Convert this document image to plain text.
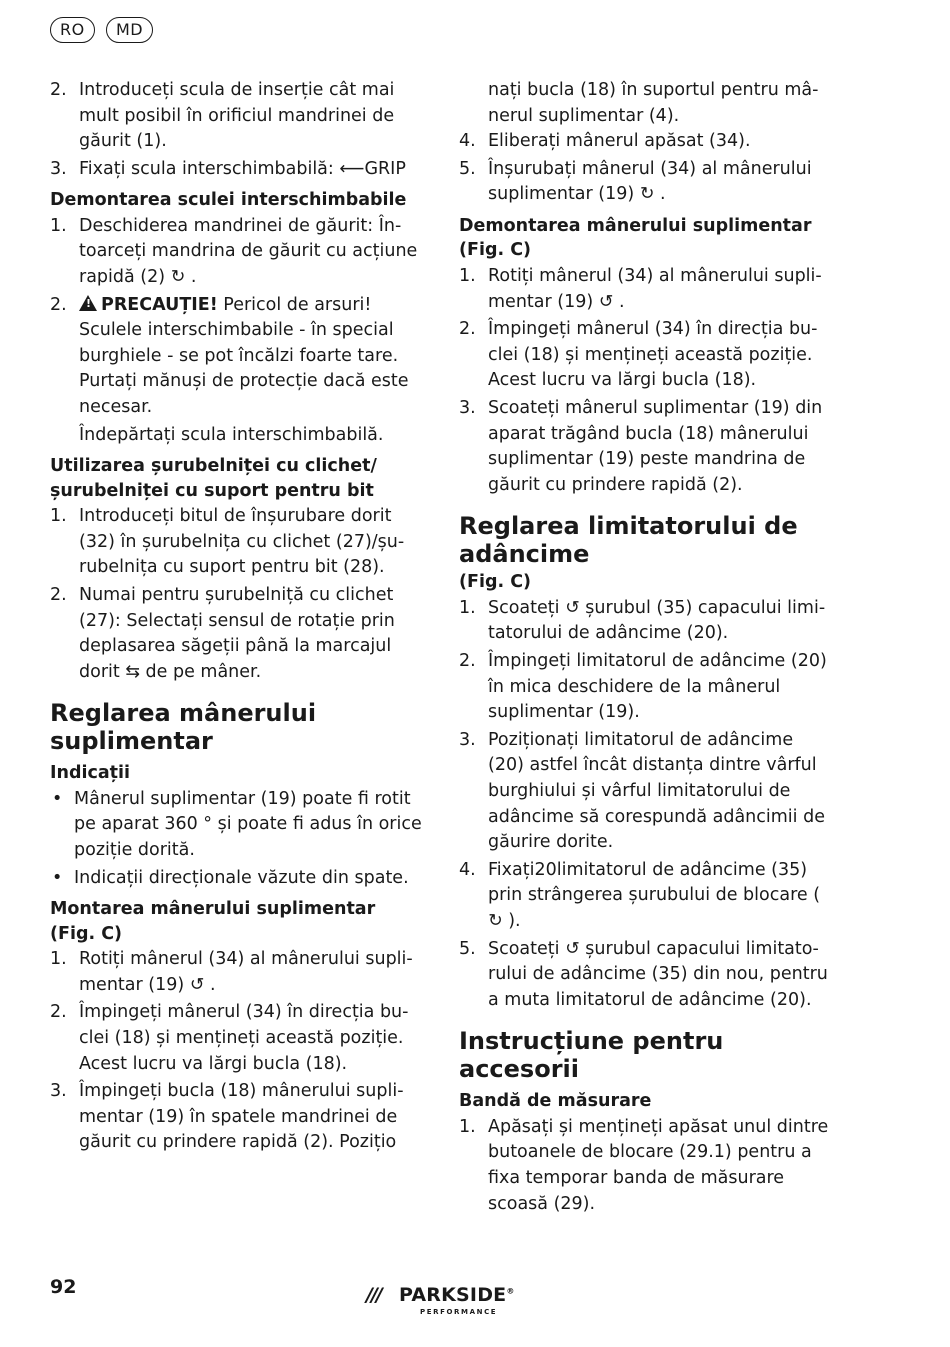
RO	MD
2. Introduceți scula de inserție cât mai mult posibil în orificiul mandrinei de găurit (1).
3. Fixați scula interschimbabilă: ⟵GRIP
Demontarea sculei interschimbabile
1. Deschiderea mandrinei de găurit: Întoarceți mandrina de găurit cu acțiune rapidă (2) ↻ .
2.
! PRECAUȚIE! Pericol de arsuri! Sculele interschimbabile - în special burghiele - se pot încălzi foarte tare. Purtați mănuși de protecție dacă este necesar.
Îndepărtați scula interschimbabilă.
Utilizarea șurubelniței cu clichet/ șurubelniței cu suport pentru bit
1. Introduceți bitul de înșurubare dorit (32) în șurubelnița cu clichet (27)/șurubelnița cu suport pentru bit (28).
2. Numai pentru șurubelniță cu clichet (27): Selectați sensul de rotație prin deplasarea săgeții până la marcajul dorit ⇆ de pe mâner.
Reglarea mânerului suplimentar
Indicații
• Mânerul suplimentar (19) poate fi rotit pe aparat 360 ° și poate fi adus în orice poziție dorită.
• Indicații direcționale văzute din spate.
Montarea mânerului suplimentar (Fig. C)
1. Rotiți mânerul (34) al mânerului suplimentar (19) ↺ .
2. Împingeți mânerul (34) în direcția buclei (18) și mențineți această poziție. Acest lucru va lărgi bucla (18).
3. Împingeți bucla (18) mânerului suplimentar (19) în spatele mandrinei de găurit cu prindere rapidă (2). Pozițio
nați bucla (18) în suportul pentru mânerul suplimentar (4).
4. Eliberați mânerul apăsat (34).
5. Înșurubați mânerul (34) al mânerului suplimentar (19) ↻ .
Demontarea mânerului suplimentar (Fig. C)
1. Rotiți mânerul (34) al mânerului suplimentar (19) ↺ .
2. Împingeți mânerul (34) în direcția buclei (18) și mențineți această poziție. Acest lucru va lărgi bucla (18).
3. Scoateți mânerul suplimentar (19) din aparat trăgând bucla (18) mânerului suplimentar (19) peste mandrina de găurit cu prindere rapidă (2).
Reglarea limitatorului de adâncime
(Fig. C)
1. Scoateți ↺ șurubul (35) capacului limitatorului de adâncime (20).
2. Împingeți limitatorul de adâncime (20) în mica deschidere de la mânerul suplimentar (19).
3. Poziționați limitatorul de adâncime (20) astfel încât distanța dintre vârful burghiului și vârful limitatorului de adâncime să corespundă adâncimii de găurire dorite.
4. Fixați20limitatorul de adâncime (35) prin strângerea șurubului de blocare ( ↻ ).
5. Scoateți ↺ șurubul capacului limitatorului de adâncime (35) din nou, pentru a muta limitatorul de adâncime (20).
Instrucțiune pentru accesorii
Bandă de măsurare
1. Apăsați și mențineți apăsat unul dintre butoanele de blocare (29.1) pentru a fixa temporar banda de măsurare scoasă (29).
92	/// PARKSIDE®
PERFORMANCE
